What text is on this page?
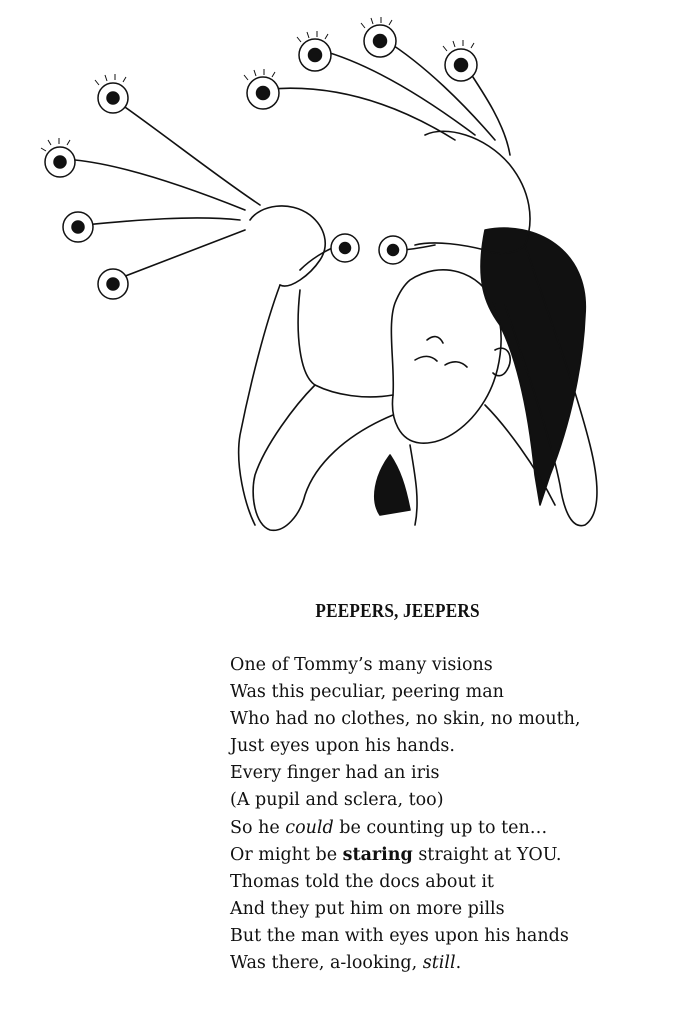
PEEPERS, JEEPERS
One of Tommy’s many visions
Was this peculiar, peering man
Who had no clothes, no skin, no mouth,
Just eyes upon his hands.
Every finger had an iris
(A pupil and sclera, too)
So he could be counting up to ten…
Or might be staring straight at YOU.
Thomas told the docs about it
And they put him on more pills
But the man with eyes upon his hands
Was there, a-looking, still.
